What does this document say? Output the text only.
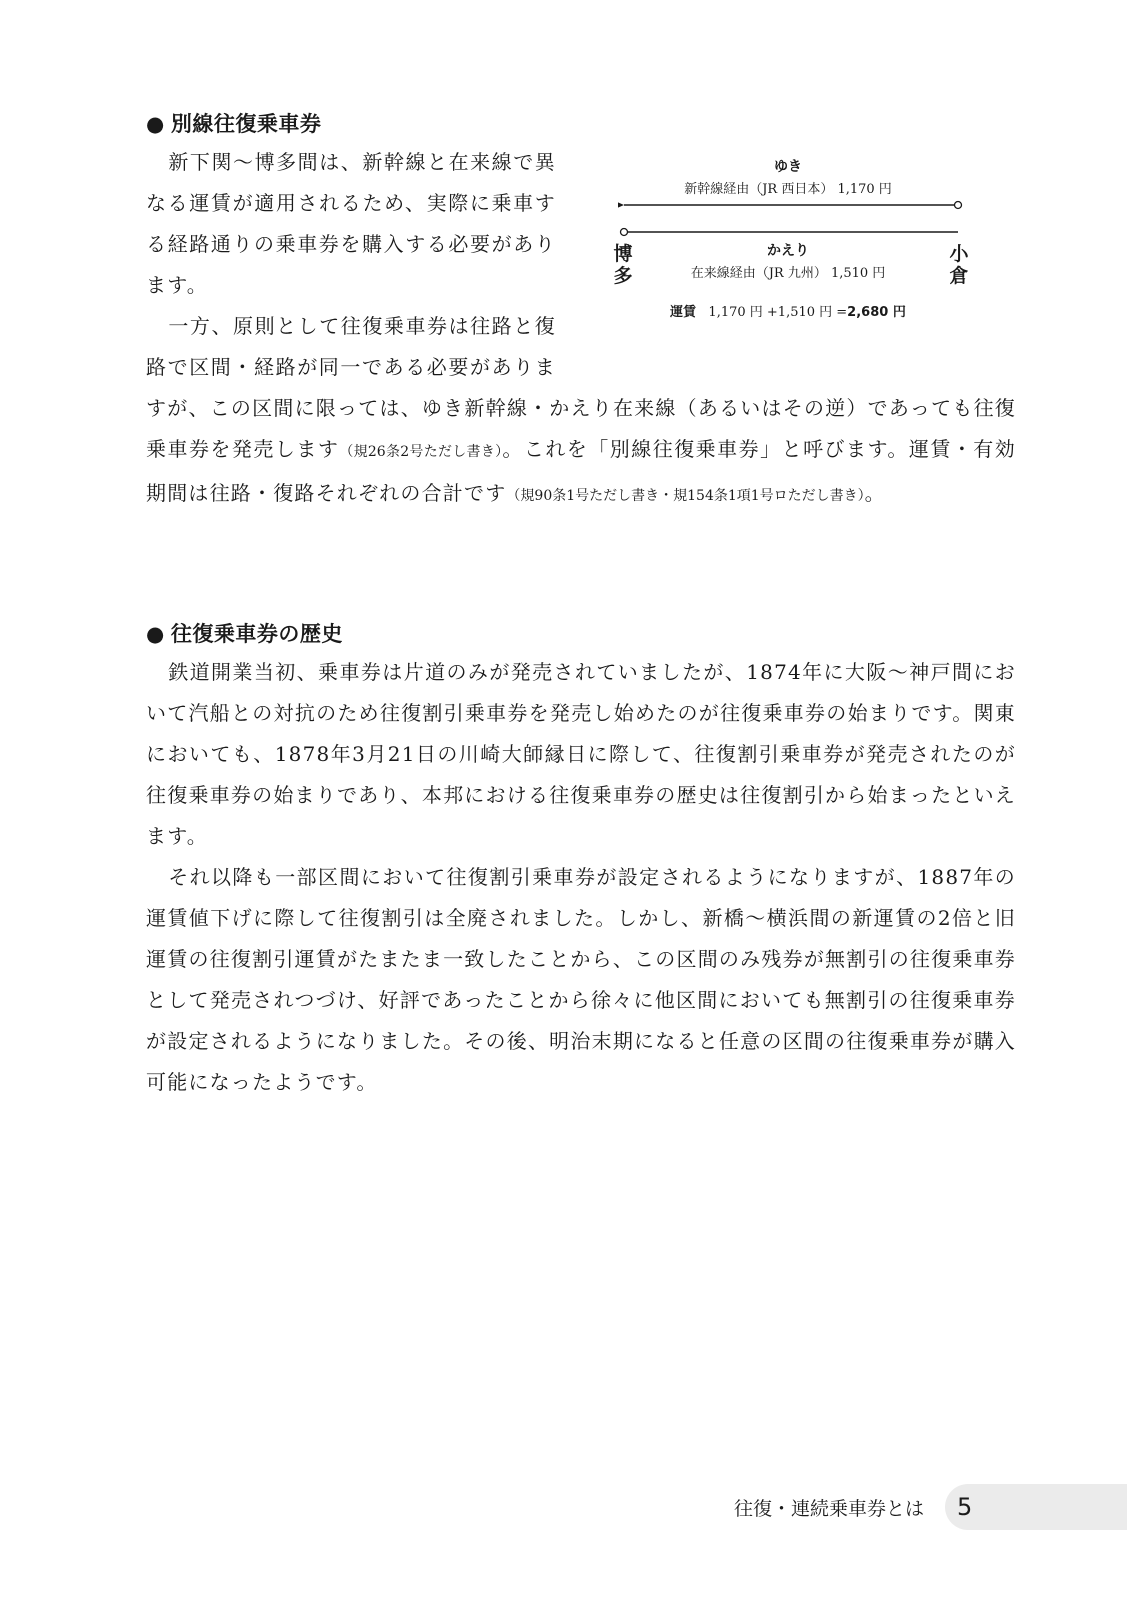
● 別線往復乗車券

新下関〜博多間は、新幹線と在来線で異なる運賃が適用されるため、実際に乗車する経路通りの乗車券を購入する必要があります。

一方、原則として往復乗車券は往路と復路で区間・経路が同一である必要がありますが、この区間に限っては、ゆき新幹線・かえり在来線（あるいはその逆）であっても往復乗車券を発売します（規26条2号ただし書き）。これを「別線往復乗車券」と呼びます。運賃・有効期間は往路・復路それぞれの合計です（規90条1号ただし書き・規154条1項1号ロただし書き）。

ゆき
新幹線経由（JR 西日本） 1,170 円
かえり
在来線経由（JR 九州） 1,510 円
博
多
小
倉
運賃 1,170 円 +1,510 円 =2,680 円
● 往復乗車券の歴史

鉄道開業当初、乗車券は片道のみが発売されていましたが、1874年に大阪〜神戸間において汽船との対抗のため往復割引乗車券を発売し始めたのが往復乗車券の始まりです。関東においても、1878年3月21日の川崎大師縁日に際して、往復割引乗車券が発売されたのが往復乗車券の始まりであり、本邦における往復乗車券の歴史は往復割引から始まったといえます。

それ以降も一部区間において往復割引乗車券が設定されるようになりますが、1887年の運賃値下げに際して往復割引は全廃されました。しかし、新橋〜横浜間の新運賃の2倍と旧運賃の往復割引運賃がたまたま一致したことから、この区間のみ残券が無割引の往復乗車券として発売されつづけ、好評であったことから徐々に他区間においても無割引の往復乗車券が設定されるようになりました。その後、明治末期になると任意の区間の往復乗車券が購入可能になったようです。

往復・連続乗車券とは 5
